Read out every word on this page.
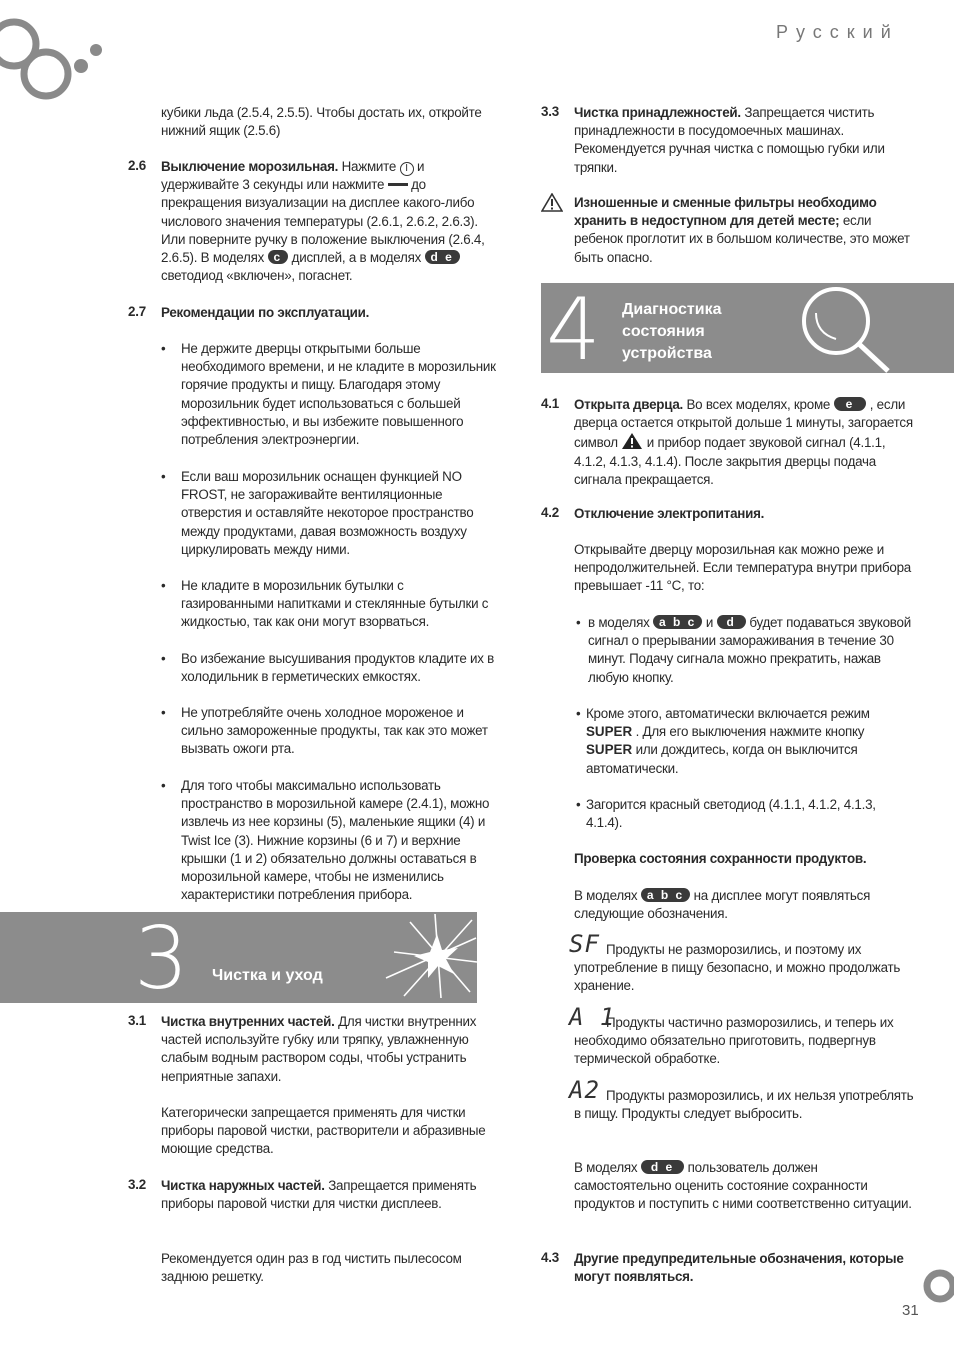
Русский
кубики льда (2.5.4, 2.5.5). Чтобы достать их, откройте нижний ящик (2.5.6)
2.6 Выключение морозильная. Нажмите I и удерживайте 3 секунды или нажмите  до прекращения визуализации на дисплее какого-либо числового значения температуры (2.6.1, 2.6.2, 2.6.3). Или поверните ручку в положение выключения (2.6.4, 2.6.5). В моделях c дисплей, а в моделях d e светодиод «включен», погаснет.
2.7 Рекомендации по эксплуатации.
• Не держите дверцы открытыми больше необходимого времени, и не кладите в морозильник горячие продукты и пищу. Благодаря этому морозильник будет использоваться с большей эффективностью, и вы избежите повышенного потребления электроэнергии.
• Если ваш морозильник оснащен функцией NO FROST, не загораживайте вентиляционные отверстия и оставляйте некоторое пространство между продуктами, давая возможность воздуху циркулировать между ними.
• Не кладите в морозильник бутылки с газированными напитками и стеклянные бутылки с жидкостью, так как они могут взорваться.
• Во избежание высушивания продуктов кладите их в холодильник в герметических емкостях.
• Не употребляйте очень холодное мороженое и сильно замороженные продукты, так как это может вызвать ожоги рта.
• Для того чтобы максимально использовать пространство в морозильной камере (2.4.1), можно извлечь из нее корзины (5), маленькие ящики (4) и Twist Ice (3). Нижние корзины (6 и 7) и верхние крышки (1 и 2) обязательно должны оставаться в морозильной камере, чтобы не изменились характеристики потребления прибора.
3 Чистка и уход
3.1 Чистка внутренних частей. Для чистки внутренних частей используйте губку или тряпку, увлажненную слабым водным раствором соды, чтобы устранить неприятные запахи.
Категорически запрещается применять для чистки приборы паровой чистки, растворители и абразивные моющие средства.
3.2 Чистка наружных частей. Запрещается применять приборы паровой чистки для чистки дисплеев.
Рекомендуется один раз в год чистить пылесосом заднюю решетку.
3.3 Чистка принадлежностей. Запрещается чистить принадлежности в посудомоечных машинах. Рекомендуется ручная чистка с помощью губки или тряпки.
Изношенные и сменные фильтры необходимо хранить в недоступном для детей месте; если ребенок проглотит их в большом количестве, это может быть опасно.
4 Диагностика
состояния
устройства
4.1 Открыта дверца. Во всех моделях, кроме e , если дверца остается открытой дольше 1 минуты, загорается символ  и прибор подает звуковой сигнал (4.1.1, 4.1.2, 4.1.3, 4.1.4). После закрытия дверцы подача сигнала прекращается.
4.2 Отключение электропитания.
Открывайте дверцу морозильная как можно реже и непродолжительней. Если температура внутри прибора превышает -11 °C, то:
• в моделях a b c и d будет подаваться звуковой сигнал о прерывании замораживания в течение 30 минут. Подачу сигнала можно прекратить, нажав любую кнопку.
• Кроме этого, автоматически включается режим SUPER . Для его выключения нажмите кнопку SUPER или дождитесь, когда он выключится автоматически.
• Загорится красный светодиод (4.1.1, 4.1.2, 4.1.3, 4.1.4).
Проверка состояния сохранности продуктов.
В моделях a b c на дисплее могут появляться следующие обозначения.
SF Продукты не разморозились, и поэтому их употребление в пищу безопасно, и можно продолжать хранение.
A 1
Продукты частично разморозились, и теперь их необходимо обязательно приготовить, подвергнув термической обработке.
A2 Продукты разморозились, и их нельзя употреблять в пищу. Продукты следует выбросить.
В моделях d e пользователь должен самостоятельно оценить состояние сохранности продуктов и поступить с ними соответственно ситуации.
4.3 Другие предупредительные обозначения, которые могут появляться.
31
